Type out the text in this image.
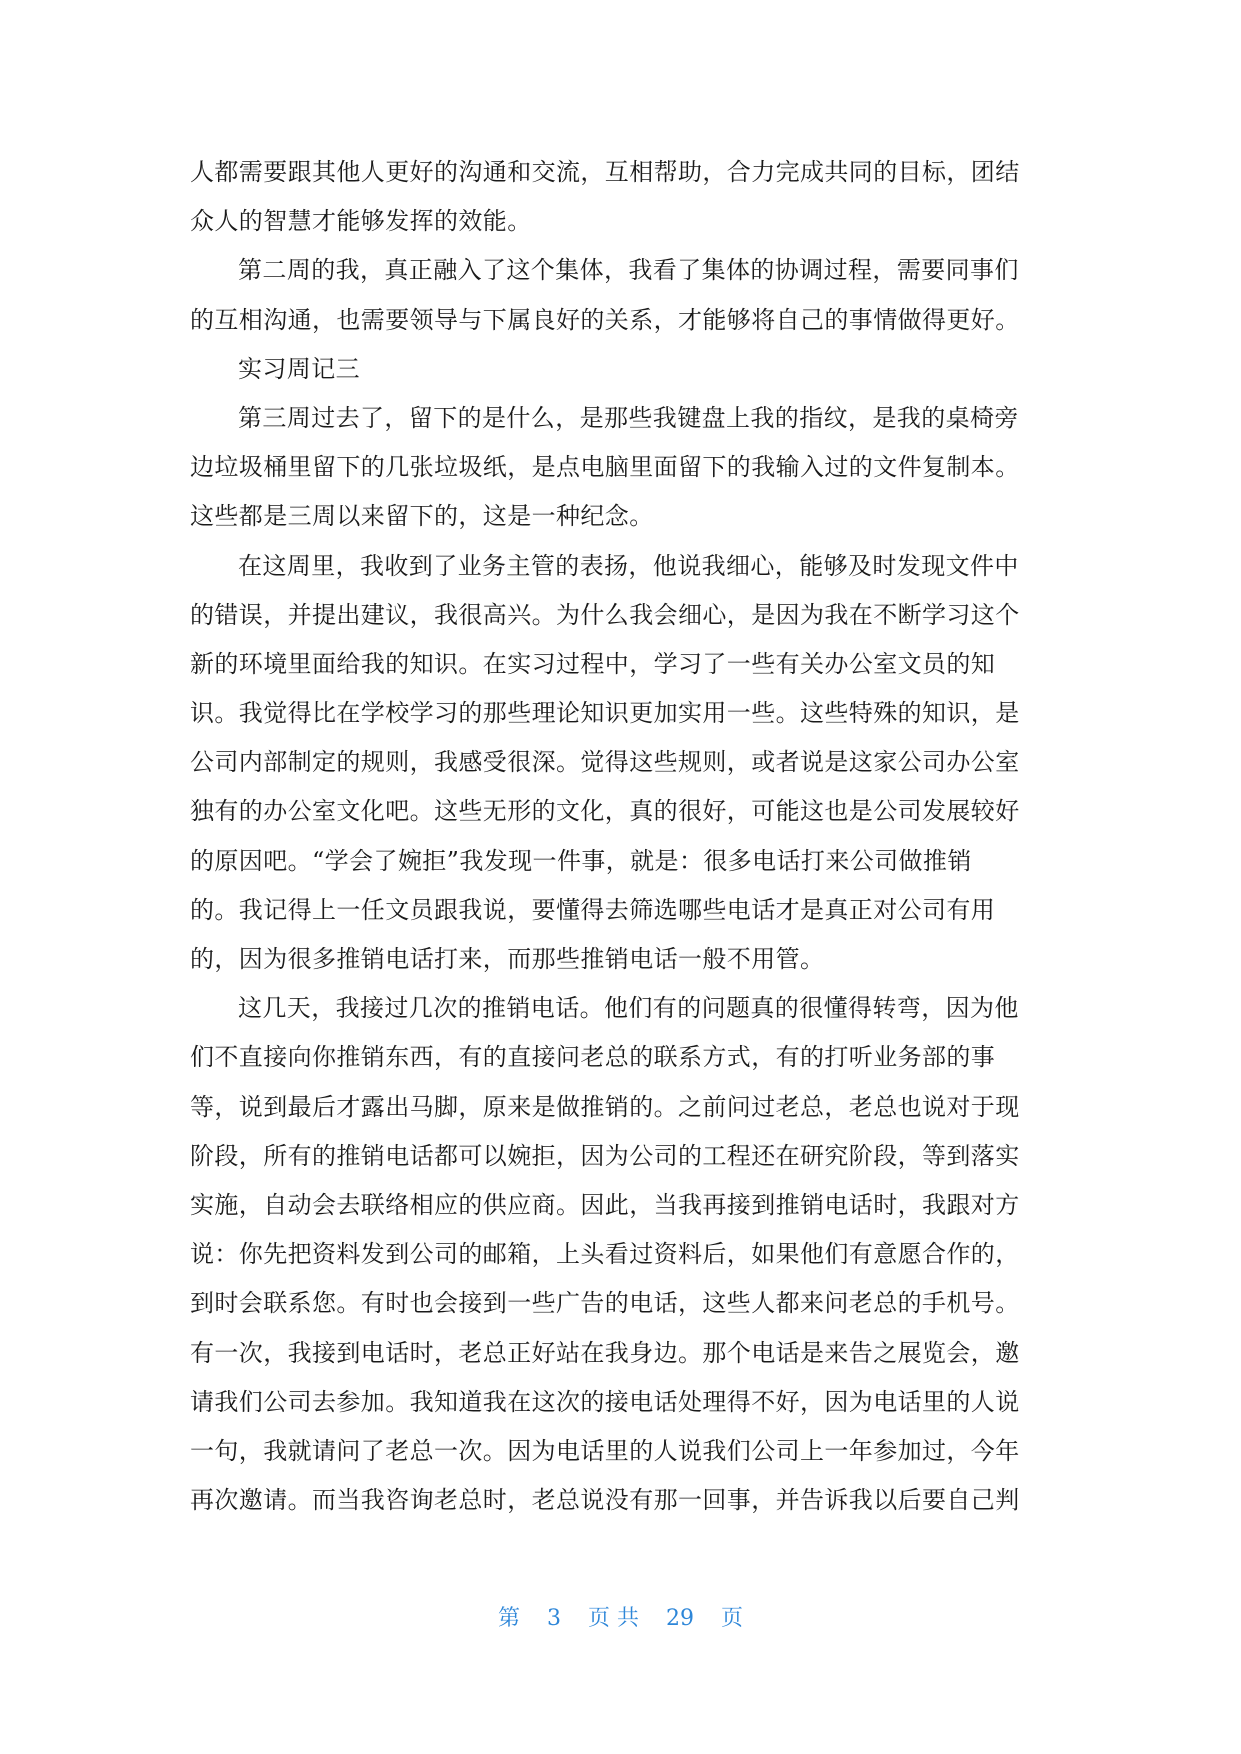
人都需要跟其他人更好的沟通和交流，互相帮助，合力完成共同的目标，团结
众人的智慧才能够发挥的效能。
第二周的我，真正融入了这个集体，我看了集体的协调过程，需要同事们
的互相沟通，也需要领导与下属良好的关系，才能够将自己的事情做得更好。
实习周记三
第三周过去了，留下的是什么，是那些我键盘上我的指纹，是我的桌椅旁
边垃圾桶里留下的几张垃圾纸，是点电脑里面留下的我输入过的文件复制本。
这些都是三周以来留下的，这是一种纪念。
在这周里，我收到了业务主管的表扬，他说我细心，能够及时发现文件中
的错误，并提出建议，我很高兴。为什么我会细心，是因为我在不断学习这个
新的环境里面给我的知识。在实习过程中，学习了一些有关办公室文员的知
识。我觉得比在学校学习的那些理论知识更加实用一些。这些特殊的知识，是
公司内部制定的规则，我感受很深。觉得这些规则，或者说是这家公司办公室
独有的办公室文化吧。这些无形的文化，真的很好，可能这也是公司发展较好
的原因吧。“学会了婉拒”我发现一件事，就是：很多电话打来公司做推销
的。我记得上一任文员跟我说，要懂得去筛选哪些电话才是真正对公司有用
的，因为很多推销电话打来，而那些推销电话一般不用管。
这几天，我接过几次的推销电话。他们有的问题真的很懂得转弯，因为他
们不直接向你推销东西，有的直接问老总的联系方式，有的打听业务部的事
等，说到最后才露出马脚，原来是做推销的。之前问过老总，老总也说对于现
阶段，所有的推销电话都可以婉拒，因为公司的工程还在研究阶段，等到落实
实施，自动会去联络相应的供应商。因此，当我再接到推销电话时，我跟对方
说：你先把资料发到公司的邮箱，上头看过资料后，如果他们有意愿合作的，
到时会联系您。有时也会接到一些广告的电话，这些人都来问老总的手机号。
有一次，我接到电话时，老总正好站在我身边。那个电话是来告之展览会，邀
请我们公司去参加。我知道我在这次的接电话处理得不好，因为电话里的人说
一句，我就请问了老总一次。因为电话里的人说我们公司上一年参加过，今年
再次邀请。而当我咨询老总时，老总说没有那一回事，并告诉我以后要自己判
第 3 页 共 29 页
